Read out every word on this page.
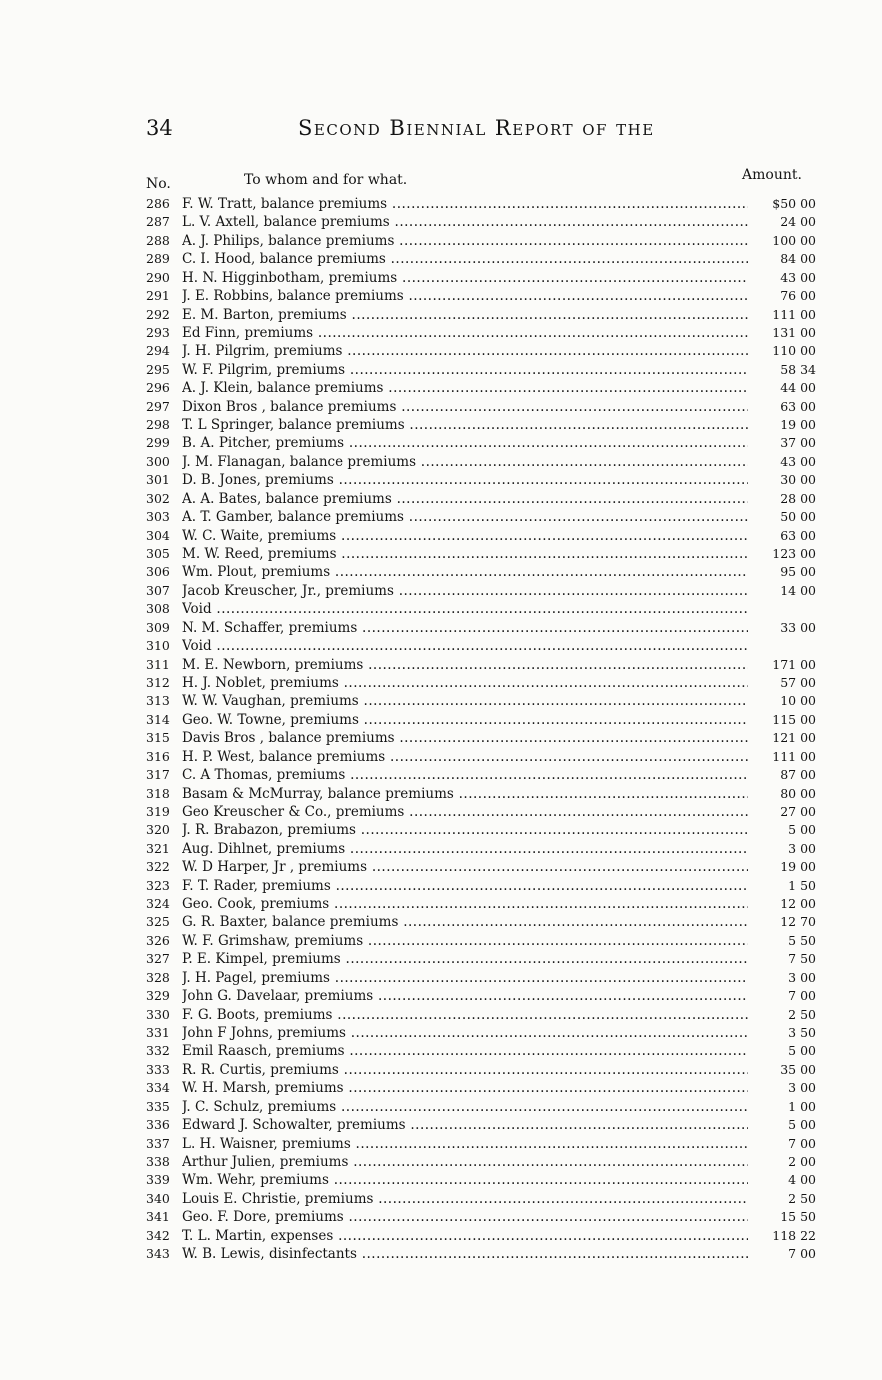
34	Second Biennial Report of the
No.	To whom and for what.	Amount.
286 F. W. Tratt, balance premiums .....	$50 00
287 L. V. Axtell, balance premiums .....	24 00
288 A. J. Philips, balance premiums .....	100 00
289 C. I. Hood, balance premiums .....	84 00
290 H. N. Higginbotham, premiums .....	43 00
291 J. E. Robbins, balance premiums .....	76 00
292 E. M. Barton, premiums .....	111 00
293 Ed Finn, premiums .....	131 00
294 J. H. Pilgrim, premiums .....	110 00
295 W. F. Pilgrim, premiums .....	58 34
296 A. J. Klein, balance premiums .....	44 00
297 Dixon Bros , balance premiums .....	63 00
298 T. L Springer, balance premiums .....	19 00
299 B. A. Pitcher, premiums .....	37 00
300 J. M. Flanagan, balance premiums .....	43 00
301 D. B. Jones, premiums .....	30 00
302 A. A. Bates, balance premiums .....	28 00
303 A. T. Gamber, balance premiums .....	50 00
304 W. C. Waite, premiums .....	63 00
305 M. W. Reed, premiums .....	123 00
306 Wm. Plout, premiums .....	95 00
307 Jacob Kreuscher, Jr., premiums .....	14 00
308 Void .....
309 N. M. Schaffer, premiums .....	33 00
310 Void .....
311 M. E. Newborn, premiums .....	171 00
312 H. J. Noblet, premiums .....	57 00
313 W. W. Vaughan, premiums .....	10 00
314 Geo. W. Towne, premiums .....	115 00
315 Davis Bros , balance premiums .....	121 00
316 H. P. West, balance premiums .....	111 00
317 C. A Thomas, premiums .....	87 00
318 Basam & McMurray, balance premiums .....	80 00
319 Geo Kreuscher & Co., premiums .....	27 00
320 J. R. Brabazon, premiums .....	5 00
321 Aug. Dihlnet, premiums .....	3 00
322 W. D Harper, Jr , premiums .....	19 00
323 F. T. Rader, premiums .....	1 50
324 Geo. Cook, premiums .....	12 00
325 G. R. Baxter, balance premiums .....	12 70
326 W. F. Grimshaw, premiums .....	5 50
327 P. E. Kimpel, premiums .....	7 50
328 J. H. Pagel, premiums .....	3 00
329 John G. Davelaar, premiums .....	7 00
330 F. G. Boots, premiums .....	2 50
331 John F Johns, premiums .....	3 50
332 Emil Raasch, premiums .....	5 00
333 R. R. Curtis, premiums .....	35 00
334 W. H. Marsh, premiums .....	3 00
335 J. C. Schulz, premiums .....	1 00
336 Edward J. Schowalter, premiums .....	5 00
337 L. H. Waisner, premiums .....	7 00
338 Arthur Julien, premiums .....	2 00
339 Wm. Wehr, premiums .....	4 00
340 Louis E. Christie, premiums .....	2 50
341 Geo. F. Dore, premiums .....	15 50
342 T. L. Martin, expenses .....	118 22
343 W. B. Lewis, disinfectants .....	7 00
